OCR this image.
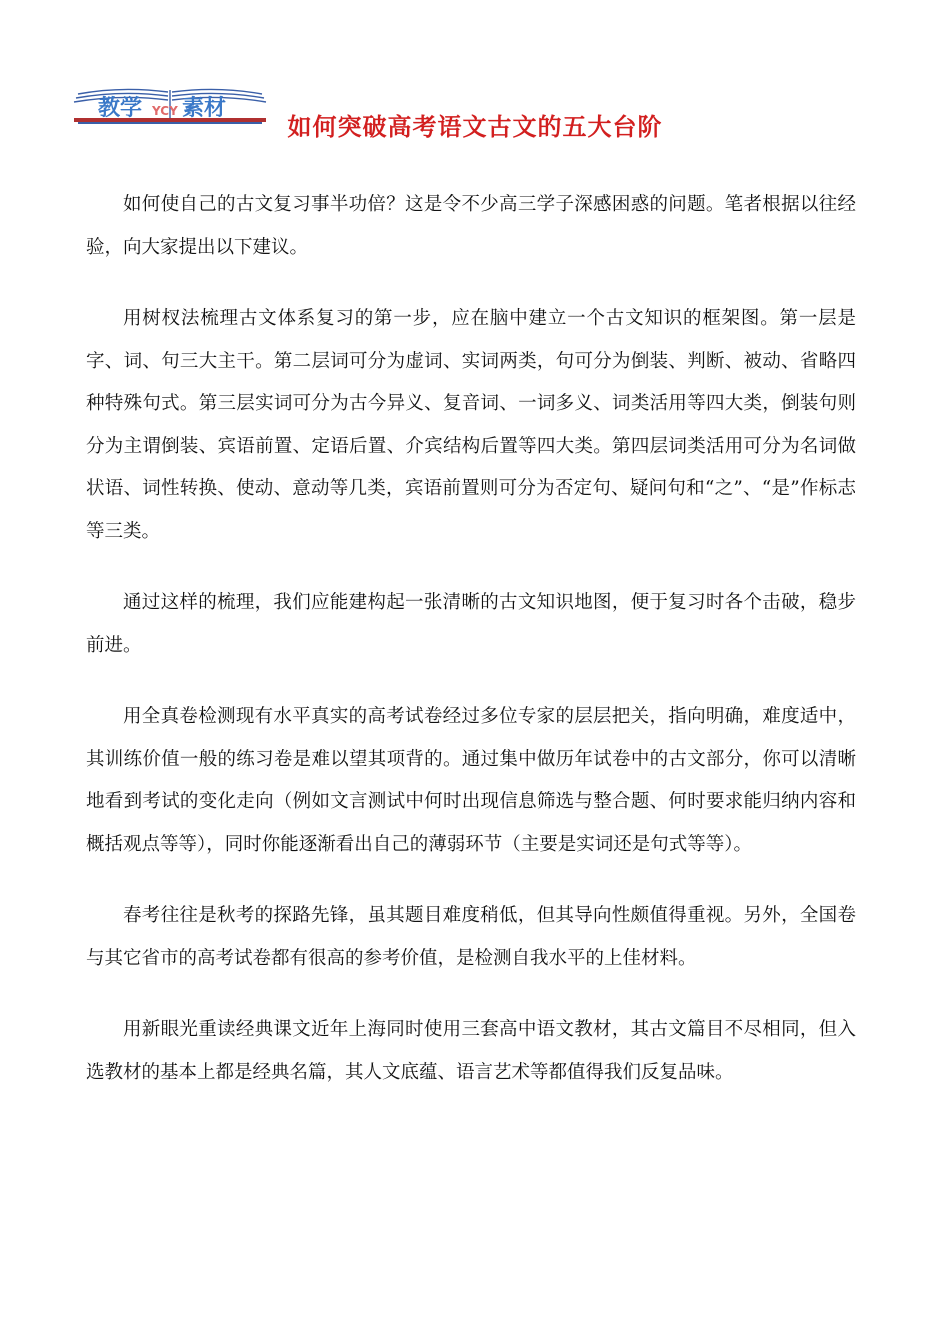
教学 YCY 素材
如何突破高考语文古文的五大台阶

如何使自己的古文复习事半功倍？这是令不少高三学子深感困惑的问题。笔者根据以往经验，向大家提出以下建议。

用树杈法梳理古文体系复习的第一步，应在脑中建立一个古文知识的框架图。第一层是字、词、句三大主干。第二层词可分为虚词、实词两类，句可分为倒装、判断、被动、省略四种特殊句式。第三层实词可分为古今异义、复音词、一词多义、词类活用等四大类，倒装句则分为主谓倒装、宾语前置、定语后置、介宾结构后置等四大类。第四层词类活用可分为名词做状语、词性转换、使动、意动等几类，宾语前置则可分为否定句、疑问句和“之”、“是”作标志等三类。

通过这样的梳理，我们应能建构起一张清晰的古文知识地图，便于复习时各个击破，稳步前进。

用全真卷检测现有水平真实的高考试卷经过多位专家的层层把关，指向明确，难度适中，其训练价值一般的练习卷是难以望其项背的。通过集中做历年试卷中的古文部分，你可以清晰地看到考试的变化走向（例如文言测试中何时出现信息筛选与整合题、何时要求能归纳内容和概括观点等等），同时你能逐渐看出自己的薄弱环节（主要是实词还是句式等等）。

春考往往是秋考的探路先锋，虽其题目难度稍低，但其导向性颇值得重视。另外，全国卷与其它省市的高考试卷都有很高的参考价值，是检测自我水平的上佳材料。

用新眼光重读经典课文近年上海同时使用三套高中语文教材，其古文篇目不尽相同，但入选教材的基本上都是经典名篇，其人文底蕴、语言艺术等都值得我们反复品味。
